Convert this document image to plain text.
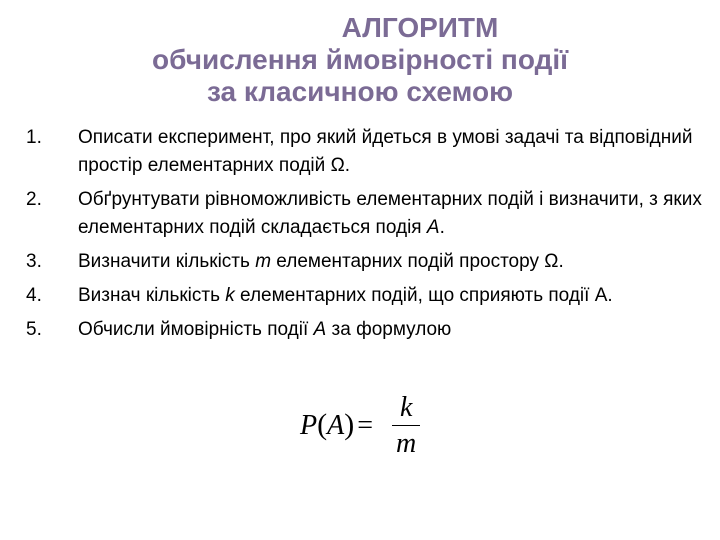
АЛГОРИТМ
обчислення ймовірності події
за класичною схемою
1.	Описати експеримент, про який йдеться в умові задачі та відповідний простір елементарних подій Ω.
2.	Обґрунтувати рівноможливість елементарних подій і визначити, з яких елементарних подій складається подія A.
3.	Визначити кількість m елементарних подій простору Ω.
4.	Визнач кількість k елементарних подій, що сприяють події A.
5.	Обчисли ймовірність події A за формулою
P(A) =
k
m
